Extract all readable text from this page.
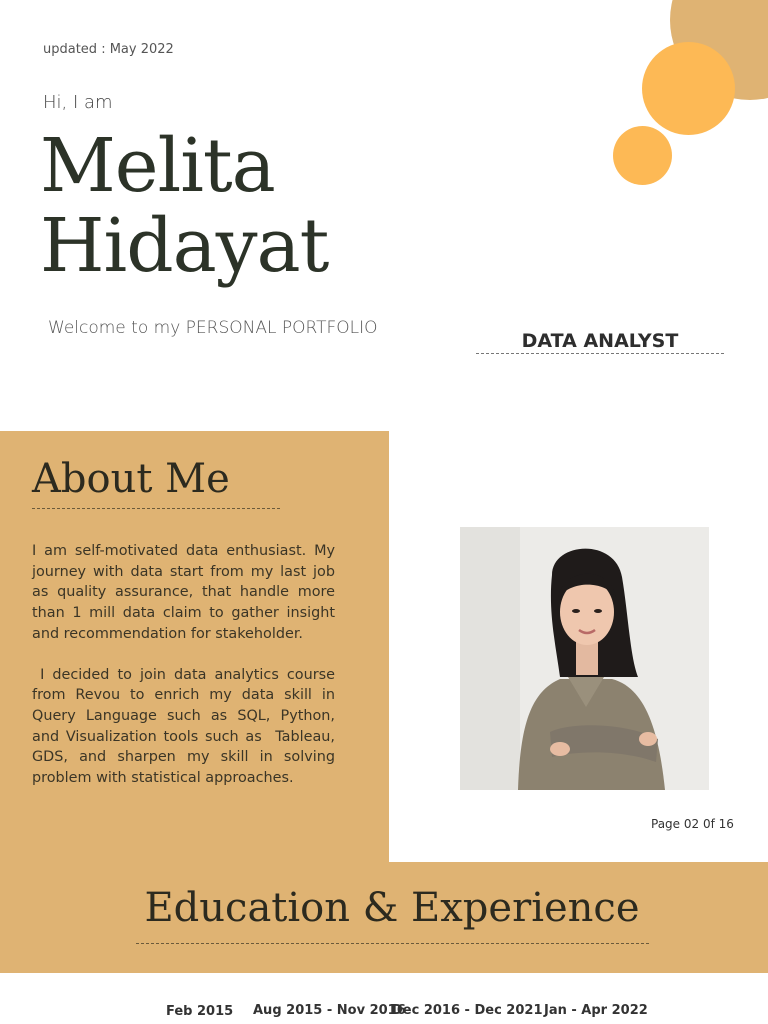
updated : May 2022
Hi, I am
Melita
Hidayat
Welcome to my PERSONAL PORTFOLIO
DATA ANALYST
About Me

I am self-motivated data enthusiast. My journey with data start from my last job as quality assurance, that handle more than 1 mill data claim to gather insight and recommendation for stakeholder.

I decided to join data analytics course from Revou to enrich my data skill in Query Language such as SQL, Python, and Visualization tools such as  Tableau, GDS, and sharpen my skill in solving problem with statistical approaches.

Page 02 0f 16
Education & Experience
Feb 2015 Aug 2015 - Nov 2016
Dec 2016 - Dec 2021 Jan - Apr 2022
